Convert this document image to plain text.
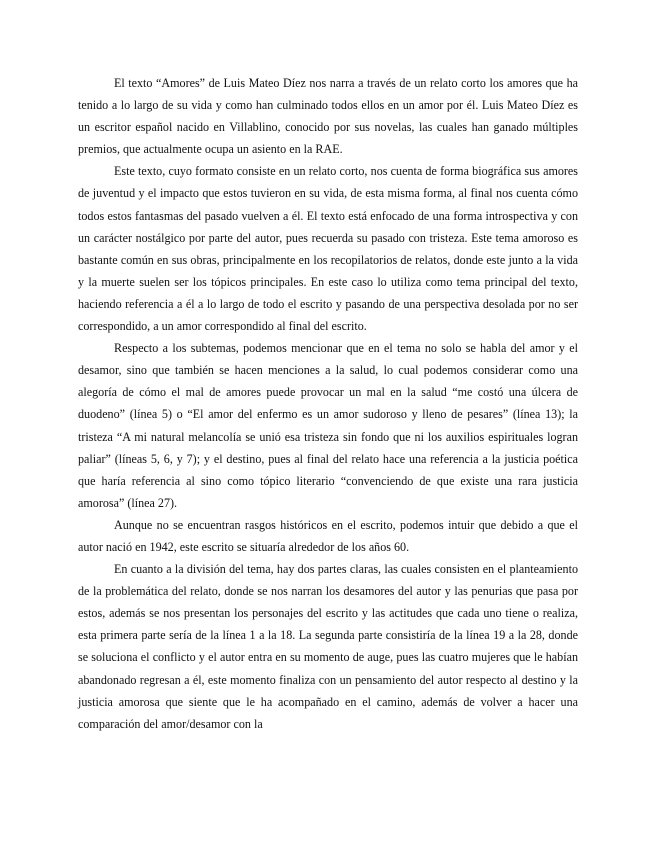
El texto “Amores” de Luis Mateo Díez nos narra a través de un relato corto los amores que ha tenido a lo largo de su vida y como han culminado todos ellos en un amor por él. Luis Mateo Díez es un escritor español nacido en Villablino, conocido por sus novelas, las cuales han ganado múltiples premios, que actualmente ocupa un asiento en la RAE.

Este texto, cuyo formato consiste en un relato corto, nos cuenta de forma biográfica sus amores de juventud y el impacto que estos tuvieron en su vida, de esta misma forma, al final nos cuenta cómo todos estos fantasmas del pasado vuelven a él. El texto está enfocado de una forma introspectiva y con un carácter nostálgico por parte del autor, pues recuerda su pasado con tristeza. Este tema amoroso es bastante común en sus obras, principalmente en los recopilatorios de relatos, donde este junto a la vida y la muerte suelen ser los tópicos principales. En este caso lo utiliza como tema principal del texto, haciendo referencia a él a lo largo de todo el escrito y pasando de una perspectiva desolada por no ser correspondido, a un amor correspondido al final del escrito.

Respecto a los subtemas, podemos mencionar que en el tema no solo se habla del amor y el desamor, sino que también se hacen menciones a la salud, lo cual podemos considerar como una alegoría de cómo el mal de amores puede provocar un mal en la salud “me costó una úlcera de duodeno” (línea 5) o “El amor del enfermo es un amor sudoroso y lleno de pesares” (línea 13); la tristeza “A mi natural melancolía se unió esa tristeza sin fondo que ni los auxilios espirituales logran paliar” (líneas 5, 6, y 7); y el destino, pues al final del relato hace una referencia a la justicia poética que haría referencia al sino como tópico literario “convenciendo de que existe una rara justicia amorosa” (línea 27).

Aunque no se encuentran rasgos históricos en el escrito, podemos intuir que debido a que el autor nació en 1942, este escrito se situaría alrededor de los años 60.

En cuanto a la división del tema, hay dos partes claras, las cuales consisten en el planteamiento de la problemática del relato, donde se nos narran los desamores del autor y las penurias que pasa por estos, además se nos presentan los personajes del escrito y las actitudes que cada uno tiene o realiza, esta primera parte sería de la línea 1 a la 18. La segunda parte consistiría de la línea 19 a la 28, donde se soluciona el conflicto y el autor entra en su momento de auge, pues las cuatro mujeres que le habían abandonado regresan a él, este momento finaliza con un pensamiento del autor respecto al destino y la justicia amorosa que siente que le ha acompañado en el camino, además de volver a hacer una comparación del amor/desamor con la
